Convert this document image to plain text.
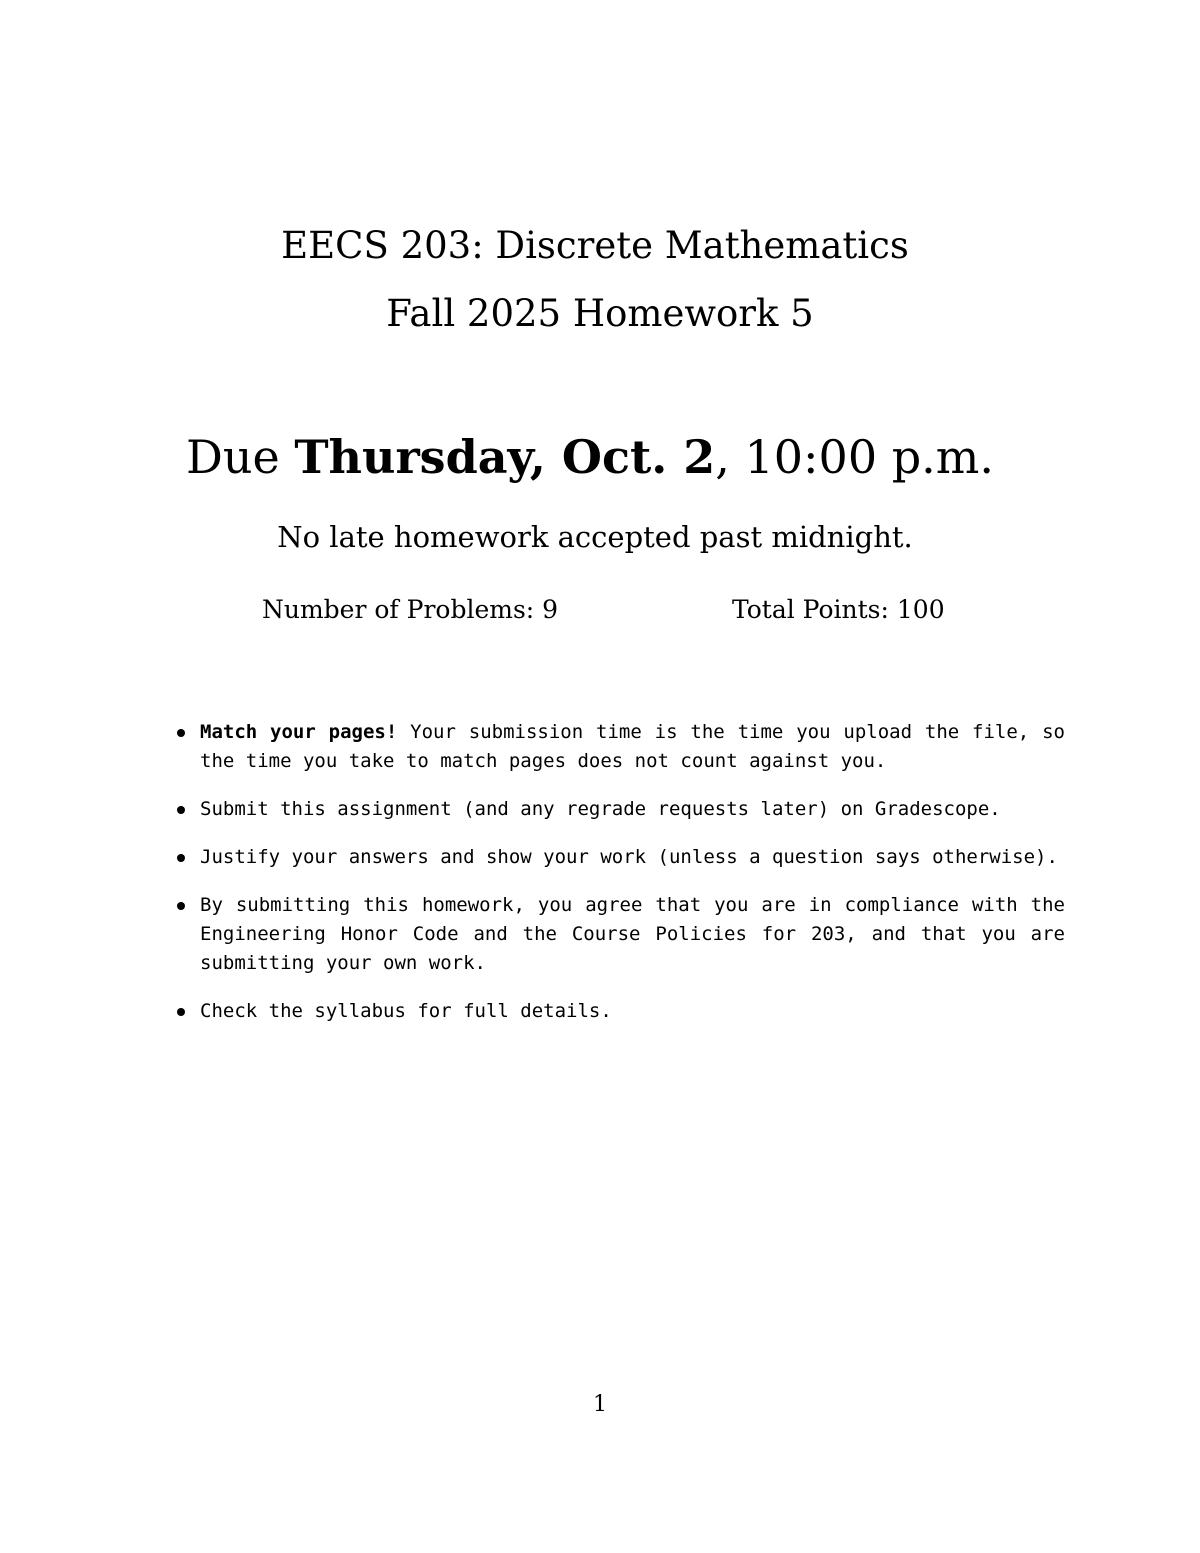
EECS 203: Discrete Mathematics
Fall 2025 Homework 5
Due Thursday, Oct. 2, 10:00 p.m.
No late homework accepted past midnight.
Number of Problems: 9	Total Points: 100
Match your pages! Your submission time is the time you upload the file, so the time you take to match pages does not count against you.
Submit this assignment (and any regrade requests later) on Gradescope.
Justify your answers and show your work (unless a question says otherwise).
By submitting this homework, you agree that you are in compliance with the Engineering Honor Code and the Course Policies for 203, and that you are submitting your own work.
Check the syllabus for full details.
1
